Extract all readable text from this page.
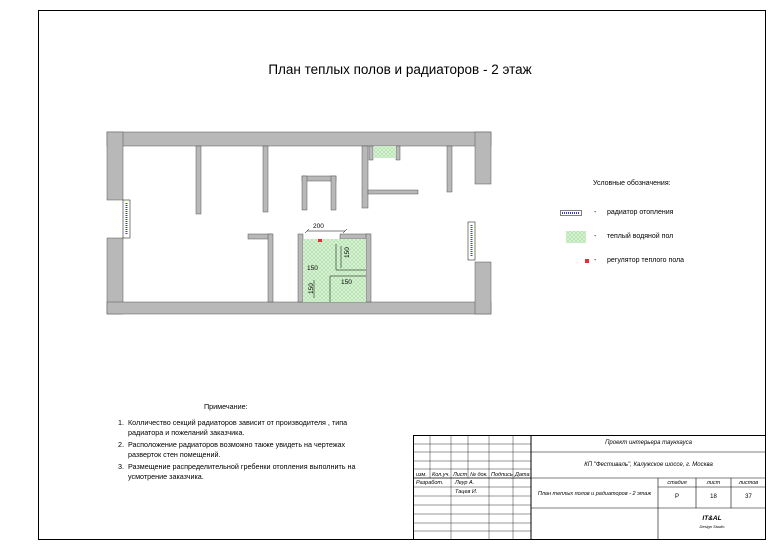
План теплых полов и радиаторов - 2 этаж
200
150
150
150
150
Условные обозначения:
- радиатор отопления
- теплый водяной пол
- регулятор теплого пола
Примечание:
1. Колличество секций радиаторов зависит от производителя , типа радиатора и пожеланий заказчика.
2. Расположение радиаторов возможно также увидеть на чертежах разверток стен помещений.
3. Размещение распределительной гребенки отопления выполнить на усмотрение заказчика.
Проект интерьера таунхауса
КП "Фестиваль", Калужское шоссе, г. Москва
изм. Кол.уч. Лист № док. Подпись Дата
Разработ. Леур А.
Тацев И.	План теплых полов и радиаторов - 2 этаж
стадия	лист	листов
Р	18	37
IT&AL
Design Studio
